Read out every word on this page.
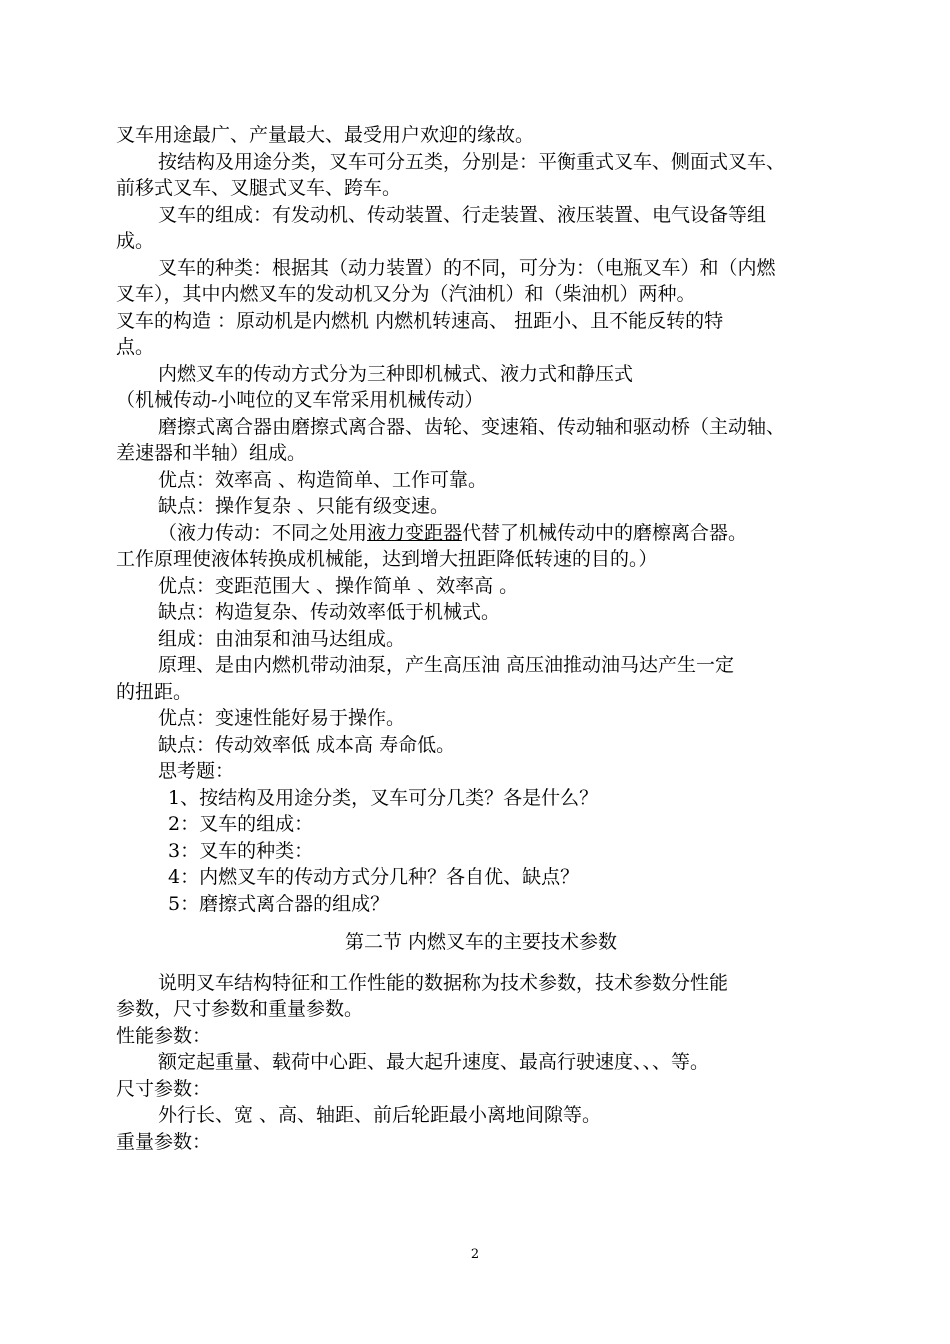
叉车用途最广、产量最大、最受用户欢迎的缘故。

按结构及用途分类，叉车可分五类，分别是：平衡重式叉车、侧面式叉车、

前移式叉车、叉腿式叉车、跨车。

叉车的组成：有发动机、传动装置、行走装置、液压装置、电气设备等组

成。

叉车的种类：根据其（动力装置）的不同，可分为：（电瓶叉车）和（内燃

叉车），其中内燃叉车的发动机又分为（汽油机）和（柴油机）两种。

叉车的构造 ：原动机是内燃机 内燃机转速高、 扭距小、且不能反转的特

点。

内燃叉车的传动方式分为三种即机械式、液力式和静压式

（机械传动-小吨位的叉车常采用机械传动）

磨擦式离合器由磨擦式离合器、齿轮、变速箱、传动轴和驱动桥（主动轴、

差速器和半轴）组成。

优点：效率高 、构造简单、工作可靠。

缺点：操作复杂 、只能有级变速。

（液力传动：不同之处用液力变距器代替了机械传动中的磨檫离合器。

工作原理使液体转换成机械能，达到增大扭距降低转速的目的。）

优点：变距范围大 、操作简单 、效率高 。

缺点：构造复杂、传动效率低于机械式。

组成：由油泵和油马达组成。

原理、是由内燃机带动油泵，产生高压油 高压油推动油马达产生一定

的扭距。

优点：变速性能好易于操作。

缺点：传动效率低 成本高 寿命低。

思考题：

1、按结构及用途分类，叉车可分几类？各是什么？

2：叉车的组成：

3：叉车的种类：

4：内燃叉车的传动方式分几种？各自优、缺点？

5：磨擦式离合器的组成？

第二节 内燃叉车的主要技术参数

说明叉车结构特征和工作性能的数据称为技术参数，技术参数分性能

参数，尺寸参数和重量参数。

性能参数：

额定起重量、载荷中心距、最大起升速度、最高行驶速度、、、等。

尺寸参数：

外行长、宽 、高、轴距、前后轮距最小离地间隙等。

重量参数：

2
